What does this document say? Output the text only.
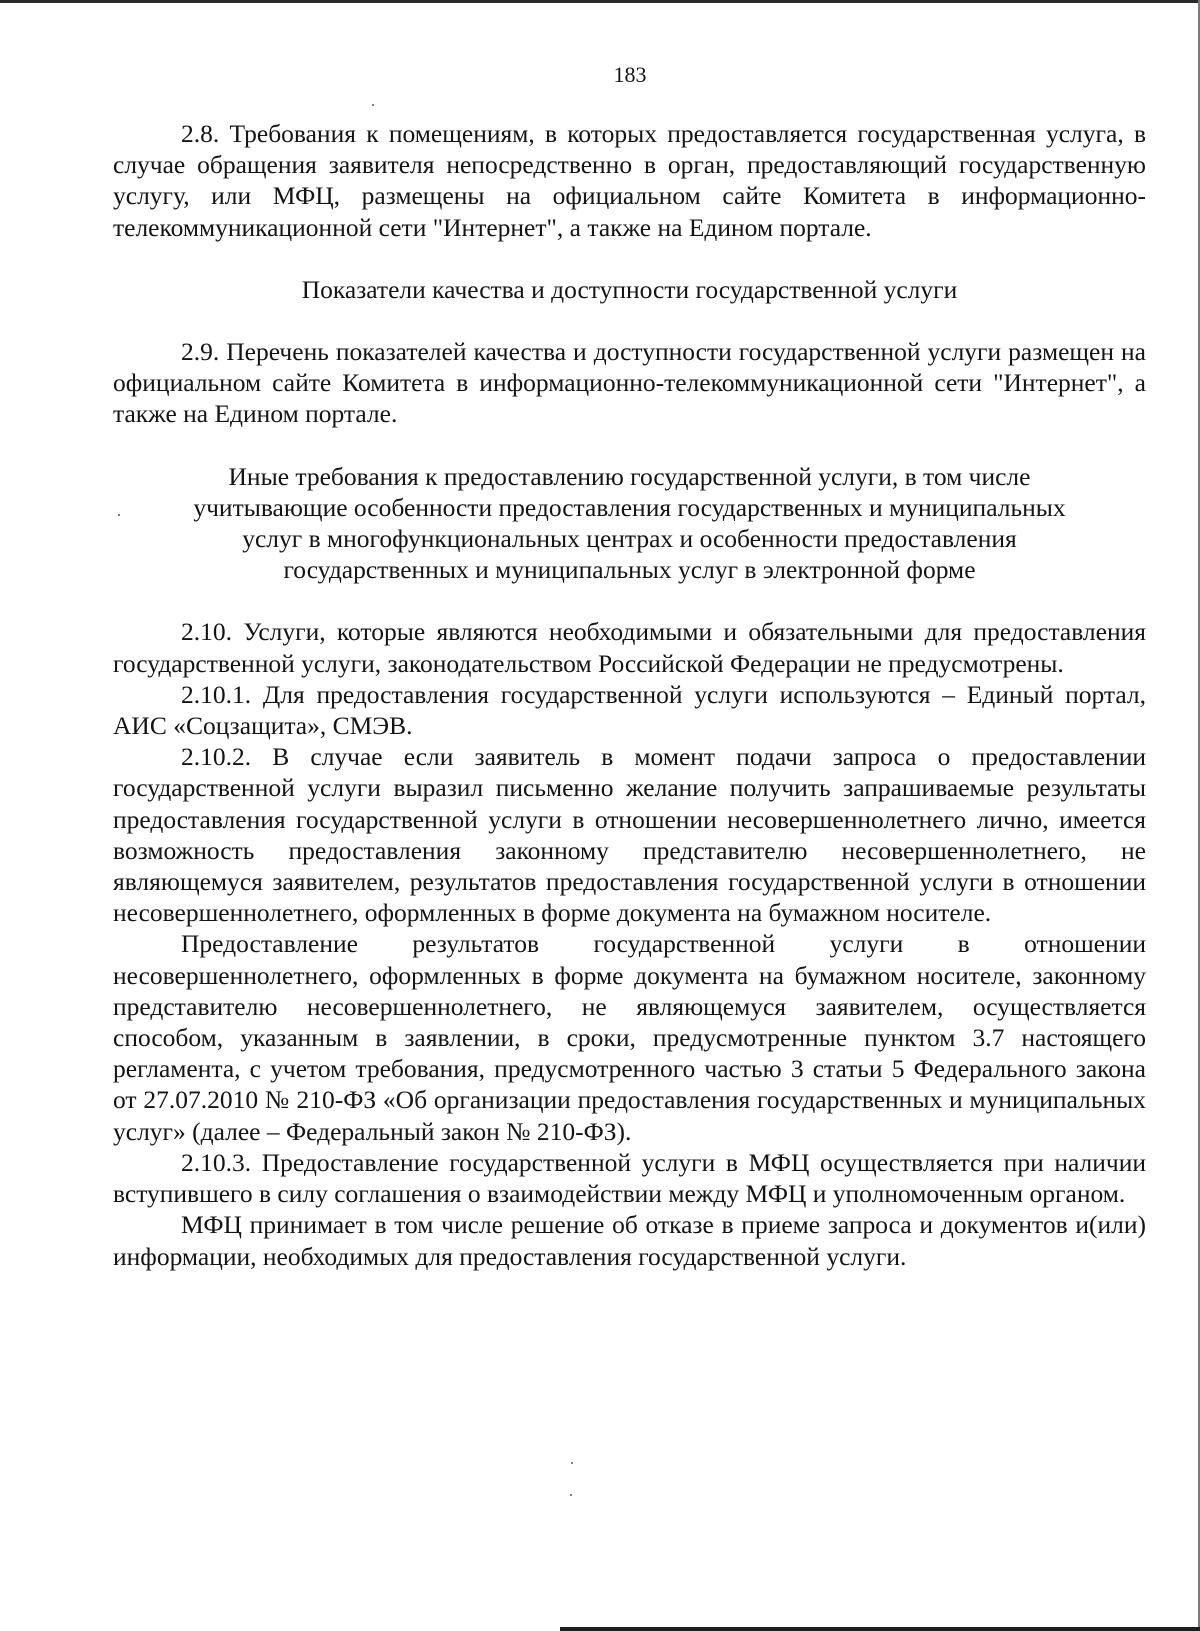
183

2.8. Требования к помещениям, в которых предоставляется государственная услуга, в случае обращения заявителя непосредственно в орган, предоставляющий государственную услугу, или МФЦ, размещены на официальном сайте Комитета в информационно-телекоммуникационной сети "Интернет", а также на Едином портале.

Показатели качества и доступности государственной услуги

2.9. Перечень показателей качества и доступности государственной услуги размещен на официальном сайте Комитета в информационно-телекоммуникационной сети "Интернет", а также на Едином портале.

Иные требования к предоставлению государственной услуги, в том числе
учитывающие особенности предоставления государственных и муниципальных
услуг в многофункциональных центрах и особенности предоставления
государственных и муниципальных услуг в электронной форме

2.10. Услуги, которые являются необходимыми и обязательными для предоставления государственной услуги, законодательством Российской Федерации не предусмотрены.

2.10.1. Для предоставления государственной услуги используются – Единый портал, АИС «Соцзащита», СМЭВ.

2.10.2. В случае если заявитель в момент подачи запроса о предоставлении государственной услуги выразил письменно желание получить запрашиваемые результаты предоставления государственной услуги в отношении несовершеннолетнего лично, имеется возможность предоставления законному представителю несовершеннолетнего, не являющемуся заявителем, результатов предоставления государственной услуги в отношении несовершеннолетнего, оформленных в форме документа на бумажном носителе.

Предоставление результатов государственной услуги в отношении несовершеннолетнего, оформленных в форме документа на бумажном носителе, законному представителю несовершеннолетнего, не являющемуся заявителем, осуществляется способом, указанным в заявлении, в сроки, предусмотренные пунктом 3.7 настоящего регламента, с учетом требования, предусмотренного частью 3 статьи 5 Федерального закона от 27.07.2010 № 210-ФЗ «Об организации предоставления государственных и муниципальных услуг» (далее – Федеральный закон № 210-ФЗ).

2.10.3. Предоставление государственной услуги в МФЦ осуществляется при наличии вступившего в силу соглашения о взаимодействии между МФЦ и уполномоченным органом.

МФЦ принимает в том числе решение об отказе в приеме запроса и документов и(или) информации, необходимых для предоставления государственной услуги.
